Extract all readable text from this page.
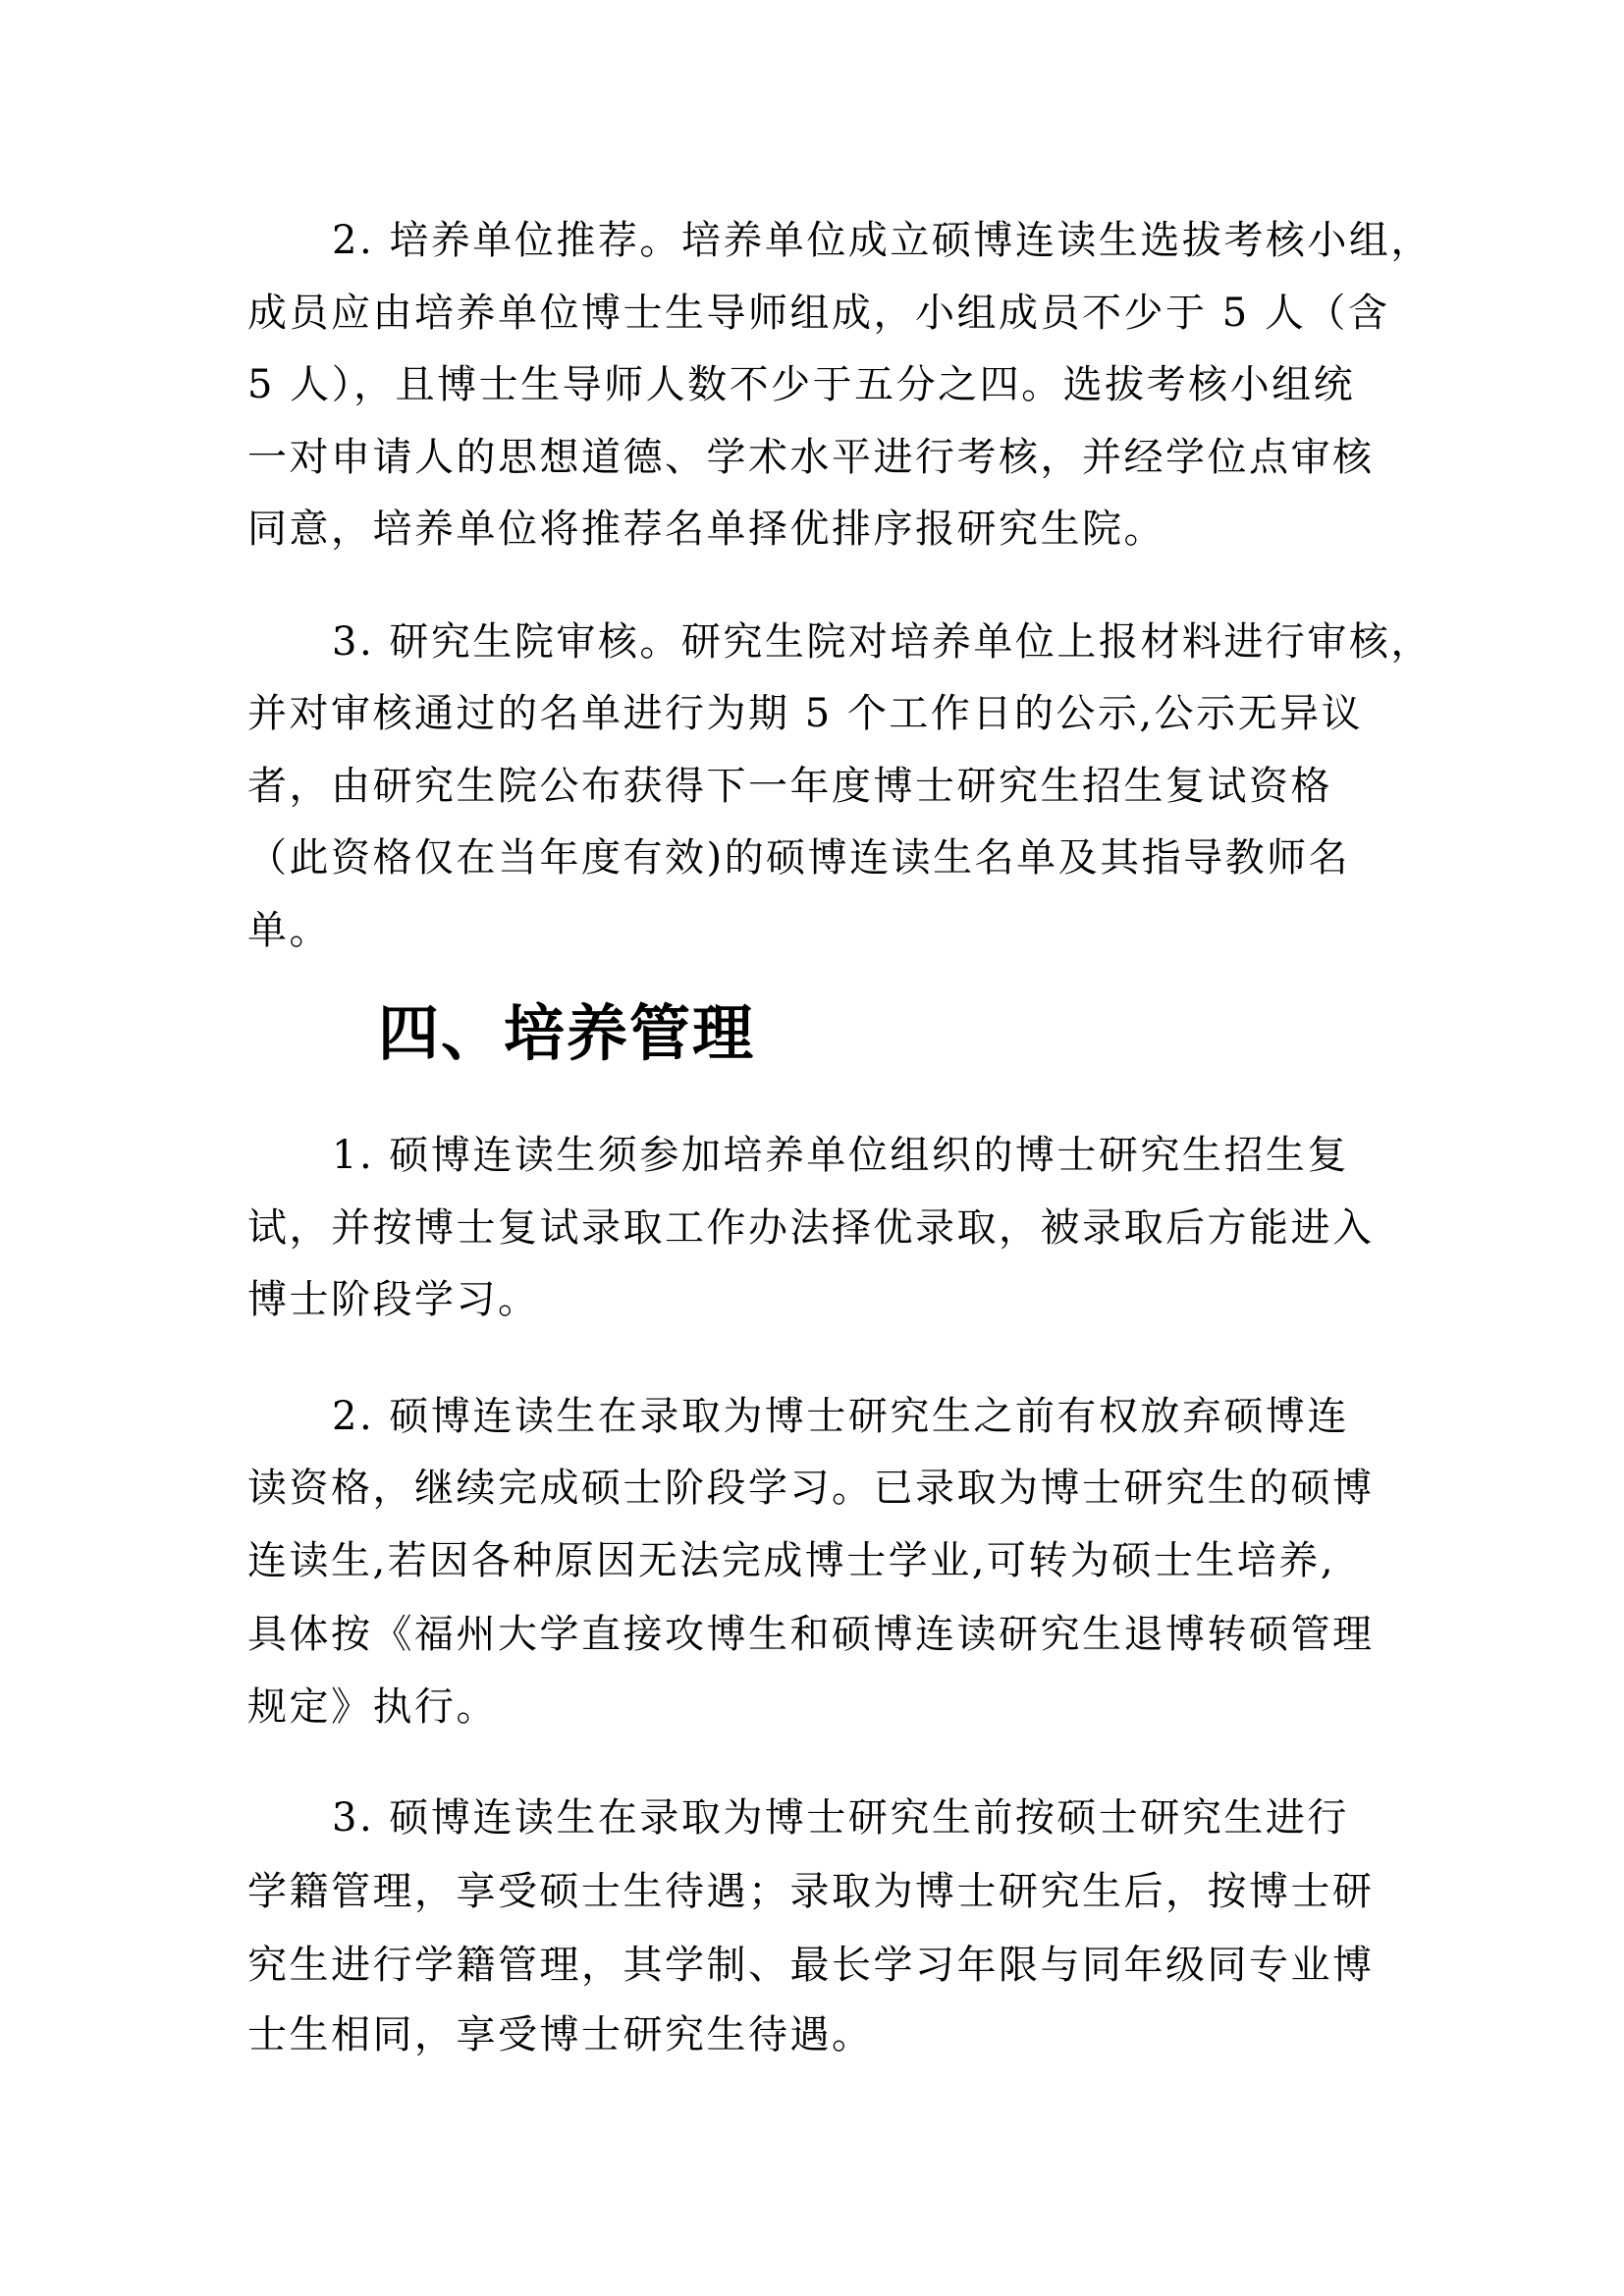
2. 培养单位推荐。培养单位成立硕博连读生选拔考核小组，
成员应由培养单位博士生导师组成，小组成员不少于 5 人（含
5 人），且博士生导师人数不少于五分之四。选拔考核小组统
一对申请人的思想道德、学术水平进行考核，并经学位点审核
同意，培养单位将推荐名单择优排序报研究生院。
3. 研究生院审核。研究生院对培养单位上报材料进行审核，
并对审核通过的名单进行为期 5 个工作日的公示,公示无异议
者，由研究生院公布获得下一年度博士研究生招生复试资格
（此资格仅在当年度有效)的硕博连读生名单及其指导教师名
单。
四、培养管理
1. 硕博连读生须参加培养单位组织的博士研究生招生复
试，并按博士复试录取工作办法择优录取，被录取后方能进入
博士阶段学习。
2. 硕博连读生在录取为博士研究生之前有权放弃硕博连
读资格，继续完成硕士阶段学习。已录取为博士研究生的硕博
连读生,若因各种原因无法完成博士学业,可转为硕士生培养,
具体按《福州大学直接攻博生和硕博连读研究生退博转硕管理
规定》执行。
3. 硕博连读生在录取为博士研究生前按硕士研究生进行
学籍管理，享受硕士生待遇；录取为博士研究生后，按博士研
究生进行学籍管理，其学制、最长学习年限与同年级同专业博
士生相同，享受博士研究生待遇。
